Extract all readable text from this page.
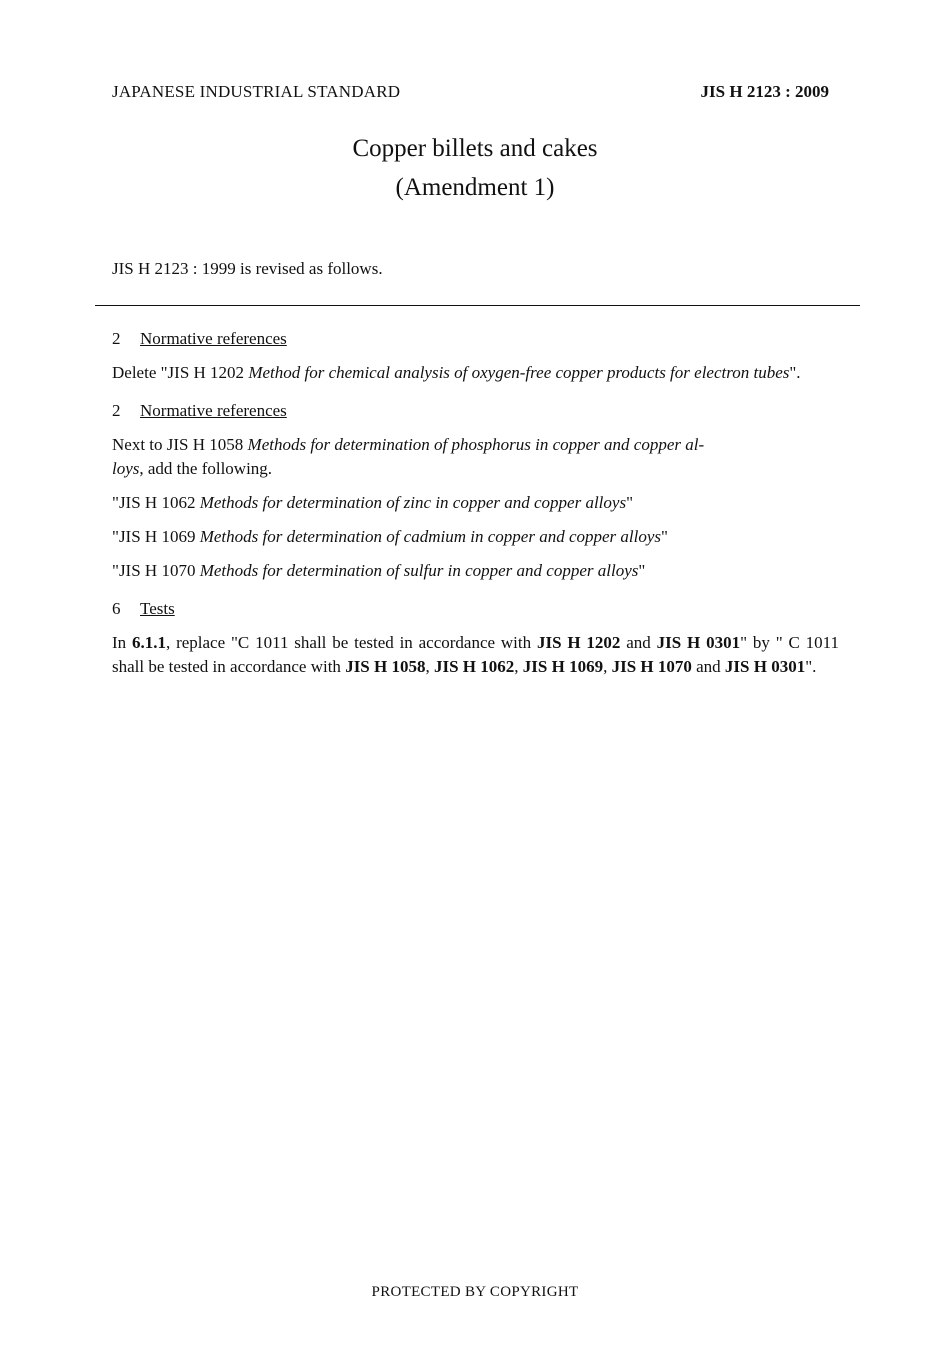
JAPANESE INDUSTRIAL STANDARD	JIS H 2123 : 2009
Copper billets and cakes
(Amendment 1)
JIS H 2123 : 1999 is revised as follows.
2 Normative references

Delete "JIS H 1202 Method for chemical analysis of oxygen-free copper products for electron tubes".

2 Normative references

Next to JIS H 1058 Methods for determination of phosphorus in copper and copper al-
loys, add the following.

"JIS H 1062 Methods for determination of zinc in copper and copper alloys"

"JIS H 1069 Methods for determination of cadmium in copper and copper alloys"

"JIS H 1070 Methods for determination of sulfur in copper and copper alloys"

6 Tests

In 6.1.1, replace "C 1011 shall be tested in accordance with JIS H 1202 and JIS H 0301" by " C 1011 shall be tested in accordance with JIS H 1058, JIS H 1062, JIS H 1069, JIS H 1070 and JIS H 0301".

PROTECTED BY COPYRIGHT
